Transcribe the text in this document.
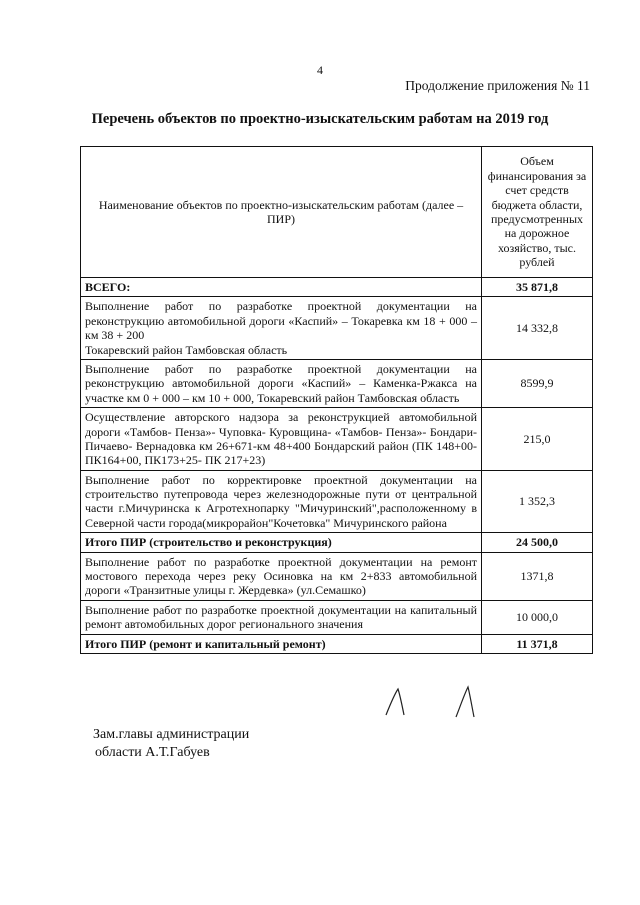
4
Продолжение приложения № 11
Перечень объектов по проектно-изыскательским работам на 2019 год
Наименование объектов по проектно-изыскательским работам (далее – ПИР)	Объем финансирования за счет средств бюджета области, предусмотренных на дорожное хозяйство, тыс. рублей
ВСЕГО:	35 871,8

Выполнение работ по разработке проектной документации на реконструкцию автомобильной дороги «Каспий» – Токаревка км 18 + 000 – км 38 + 200
Токаревский район Тамбовская область	14 332,8
Выполнение работ по разработке проектной документации на реконструкцию автомобильной дороги «Каспий» – Каменка-Ржакса на участке км 0 + 000 – км 10 + 000, Токаревский район Тамбовская область	8599,9
Осуществление авторского надзора за реконструкцией автомобильной дороги «Тамбов- Пенза»- Чуповка- Куровщина- «Тамбов- Пенза»- Бондари- Пичаево- Вернадовка км 26+671-км 48+400 Бондарский район (ПК 148+00- ПК164+00, ПК173+25- ПК 217+23)	215,0
Выполнение работ по корректировке проектной документации на строительство путепровода через железнодорожные пути от центральной части г.Мичуринска к Агротехнопарку "Мичуринский",расположенному в Северной части города(микрорайон"Кочетовка" Мичуринского района	1 352,3
Итого ПИР (строительство и реконструкция)	24 500,0
Выполнение работ по разработке проектной документации на ремонт мостового перехода через реку Осиновка на км 2+833 автомобильной дороги «Транзитные улицы г. Жердевка» (ул.Семашко)	1371,8
Выполнение работ по разработке проектной документации на капитальный ремонт автомобильных дорог регионального значения	10 000,0
Итого ПИР (ремонт и капитальный ремонт)	11 371,8
Зам.главы администрации
области А.Т.Габуев
